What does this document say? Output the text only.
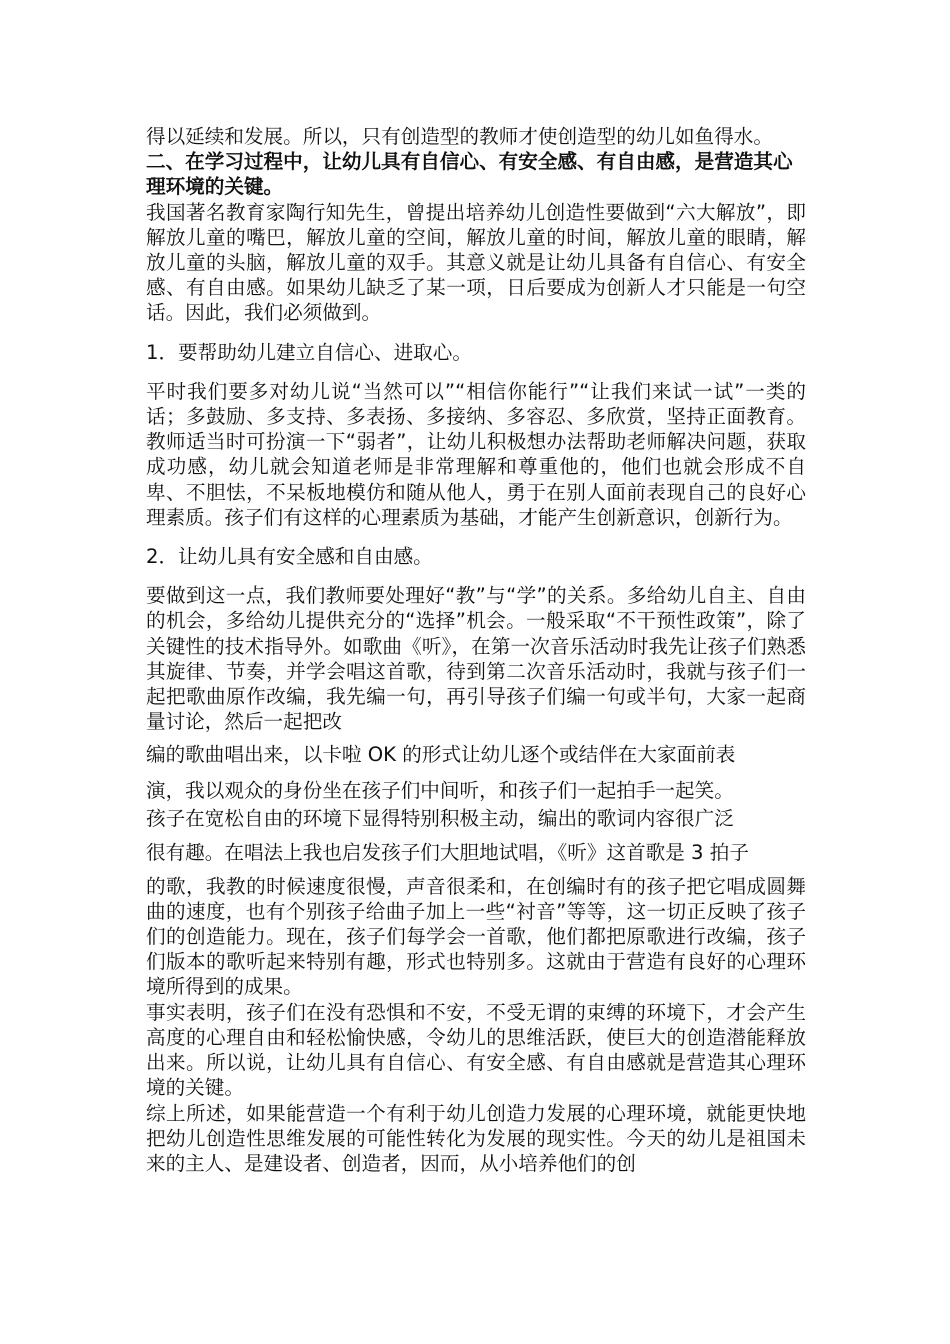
得以延续和发展。所以，只有创造型的教师才使创造型的幼儿如鱼得水。

二、在学习过程中，让幼儿具有自信心、有安全感、有自由感，是营造其心理环境的关键。

我国著名教育家陶行知先生，曾提出培养幼儿创造性要做到“六大解放”，即解放儿童的嘴巴，解放儿童的空间，解放儿童的时间，解放儿童的眼睛，解放儿童的头脑，解放儿童的双手。其意义就是让幼儿具备有自信心、有安全感、有自由感。如果幼儿缺乏了某一项，日后要成为创新人才只能是一句空话。因此，我们必须做到。

1．要帮助幼儿建立自信心、进取心。

平时我们要多对幼儿说“当然可以”“相信你能行”“让我们来试一试”一类的话；多鼓励、多支持、多表扬、多接纳、多容忍、多欣赏，坚持正面教育。教师适当时可扮演一下“弱者”，让幼儿积极想办法帮助老师解决问题，获取成功感，幼儿就会知道老师是非常理解和尊重他的，他们也就会形成不自卑、不胆怯，不呆板地模仿和随从他人，勇于在别人面前表现自己的良好心理素质。孩子们有这样的心理素质为基础，才能产生创新意识，创新行为。

2．让幼儿具有安全感和自由感。

要做到这一点，我们教师要处理好“教”与“学”的关系。多给幼儿自主、自由的机会，多给幼儿提供充分的“选择”机会。一般采取“不干预性政策”，除了关键性的技术指导外。如歌曲《听》，在第一次音乐活动时我先让孩子们熟悉其旋律、节奏，并学会唱这首歌，待到第二次音乐活动时，我就与孩子们一起把歌曲原作改编，我先编一句，再引导孩子们编一句或半句，大家一起商量讨论，然后一起把改

编的歌曲唱出来，以卡啦 OK 的形式让幼儿逐个或结伴在大家面前表

演，我以观众的身份坐在孩子们中间听，和孩子们一起拍手一起笑。

孩子在宽松自由的环境下显得特别积极主动，编出的歌词内容很广泛

很有趣。在唱法上我也启发孩子们大胆地试唱，《听》这首歌是 3 拍子

的歌，我教的时候速度很慢，声音很柔和，在创编时有的孩子把它唱成圆舞曲的速度，也有个别孩子给曲子加上一些“衬音”等等，这一切正反映了孩子们的创造能力。现在，孩子们每学会一首歌，他们都把原歌进行改编，孩子们版本的歌听起来特别有趣，形式也特别多。这就由于营造有良好的心理环境所得到的成果。

事实表明，孩子们在没有恐惧和不安，不受无谓的束缚的环境下，才会产生高度的心理自由和轻松愉快感，令幼儿的思维活跃，使巨大的创造潜能释放出来。所以说，让幼儿具有自信心、有安全感、有自由感就是营造其心理环境的关键。

综上所述，如果能营造一个有利于幼儿创造力发展的心理环境，就能更快地把幼儿创造性思维发展的可能性转化为发展的现实性。今天的幼儿是祖国未来的主人、是建设者、创造者，因而，从小培养他们的创
